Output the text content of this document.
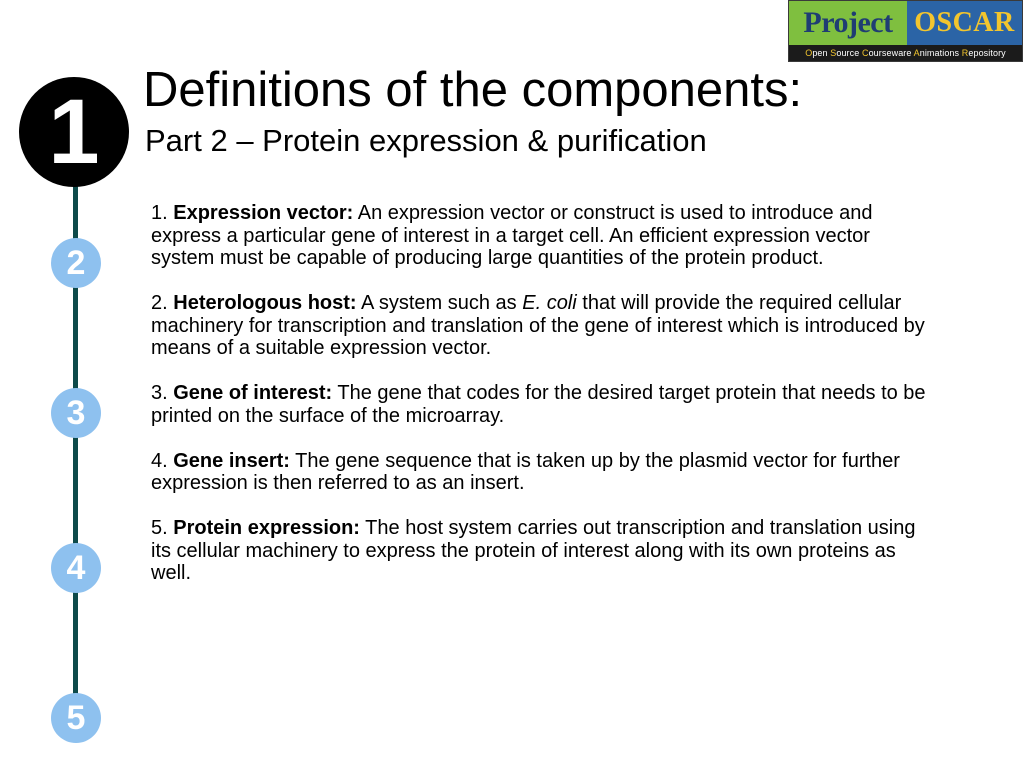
Project OSCAR
Open Source Courseware Animations Repository
1
2
3
4
5
Definitions of the components:
Part 2 – Protein expression & purification

1. Expression vector: An expression vector or construct is used to introduce and express a particular gene of interest in a target cell. An efficient expression vector system must be capable of producing large quantities of the protein product.

2. Heterologous host: A system such as E. coli that will provide the required cellular machinery for transcription and translation of the gene of interest which is introduced by means of a suitable expression vector.

3. Gene of interest: The gene that codes for the desired target protein that needs to be printed on the surface of the microarray.

4. Gene insert: The gene sequence that is taken up by the plasmid vector for further expression is then referred to as an insert.

5. Protein expression: The host system carries out transcription and translation using its cellular machinery to express the protein of interest along with its own proteins as well.
